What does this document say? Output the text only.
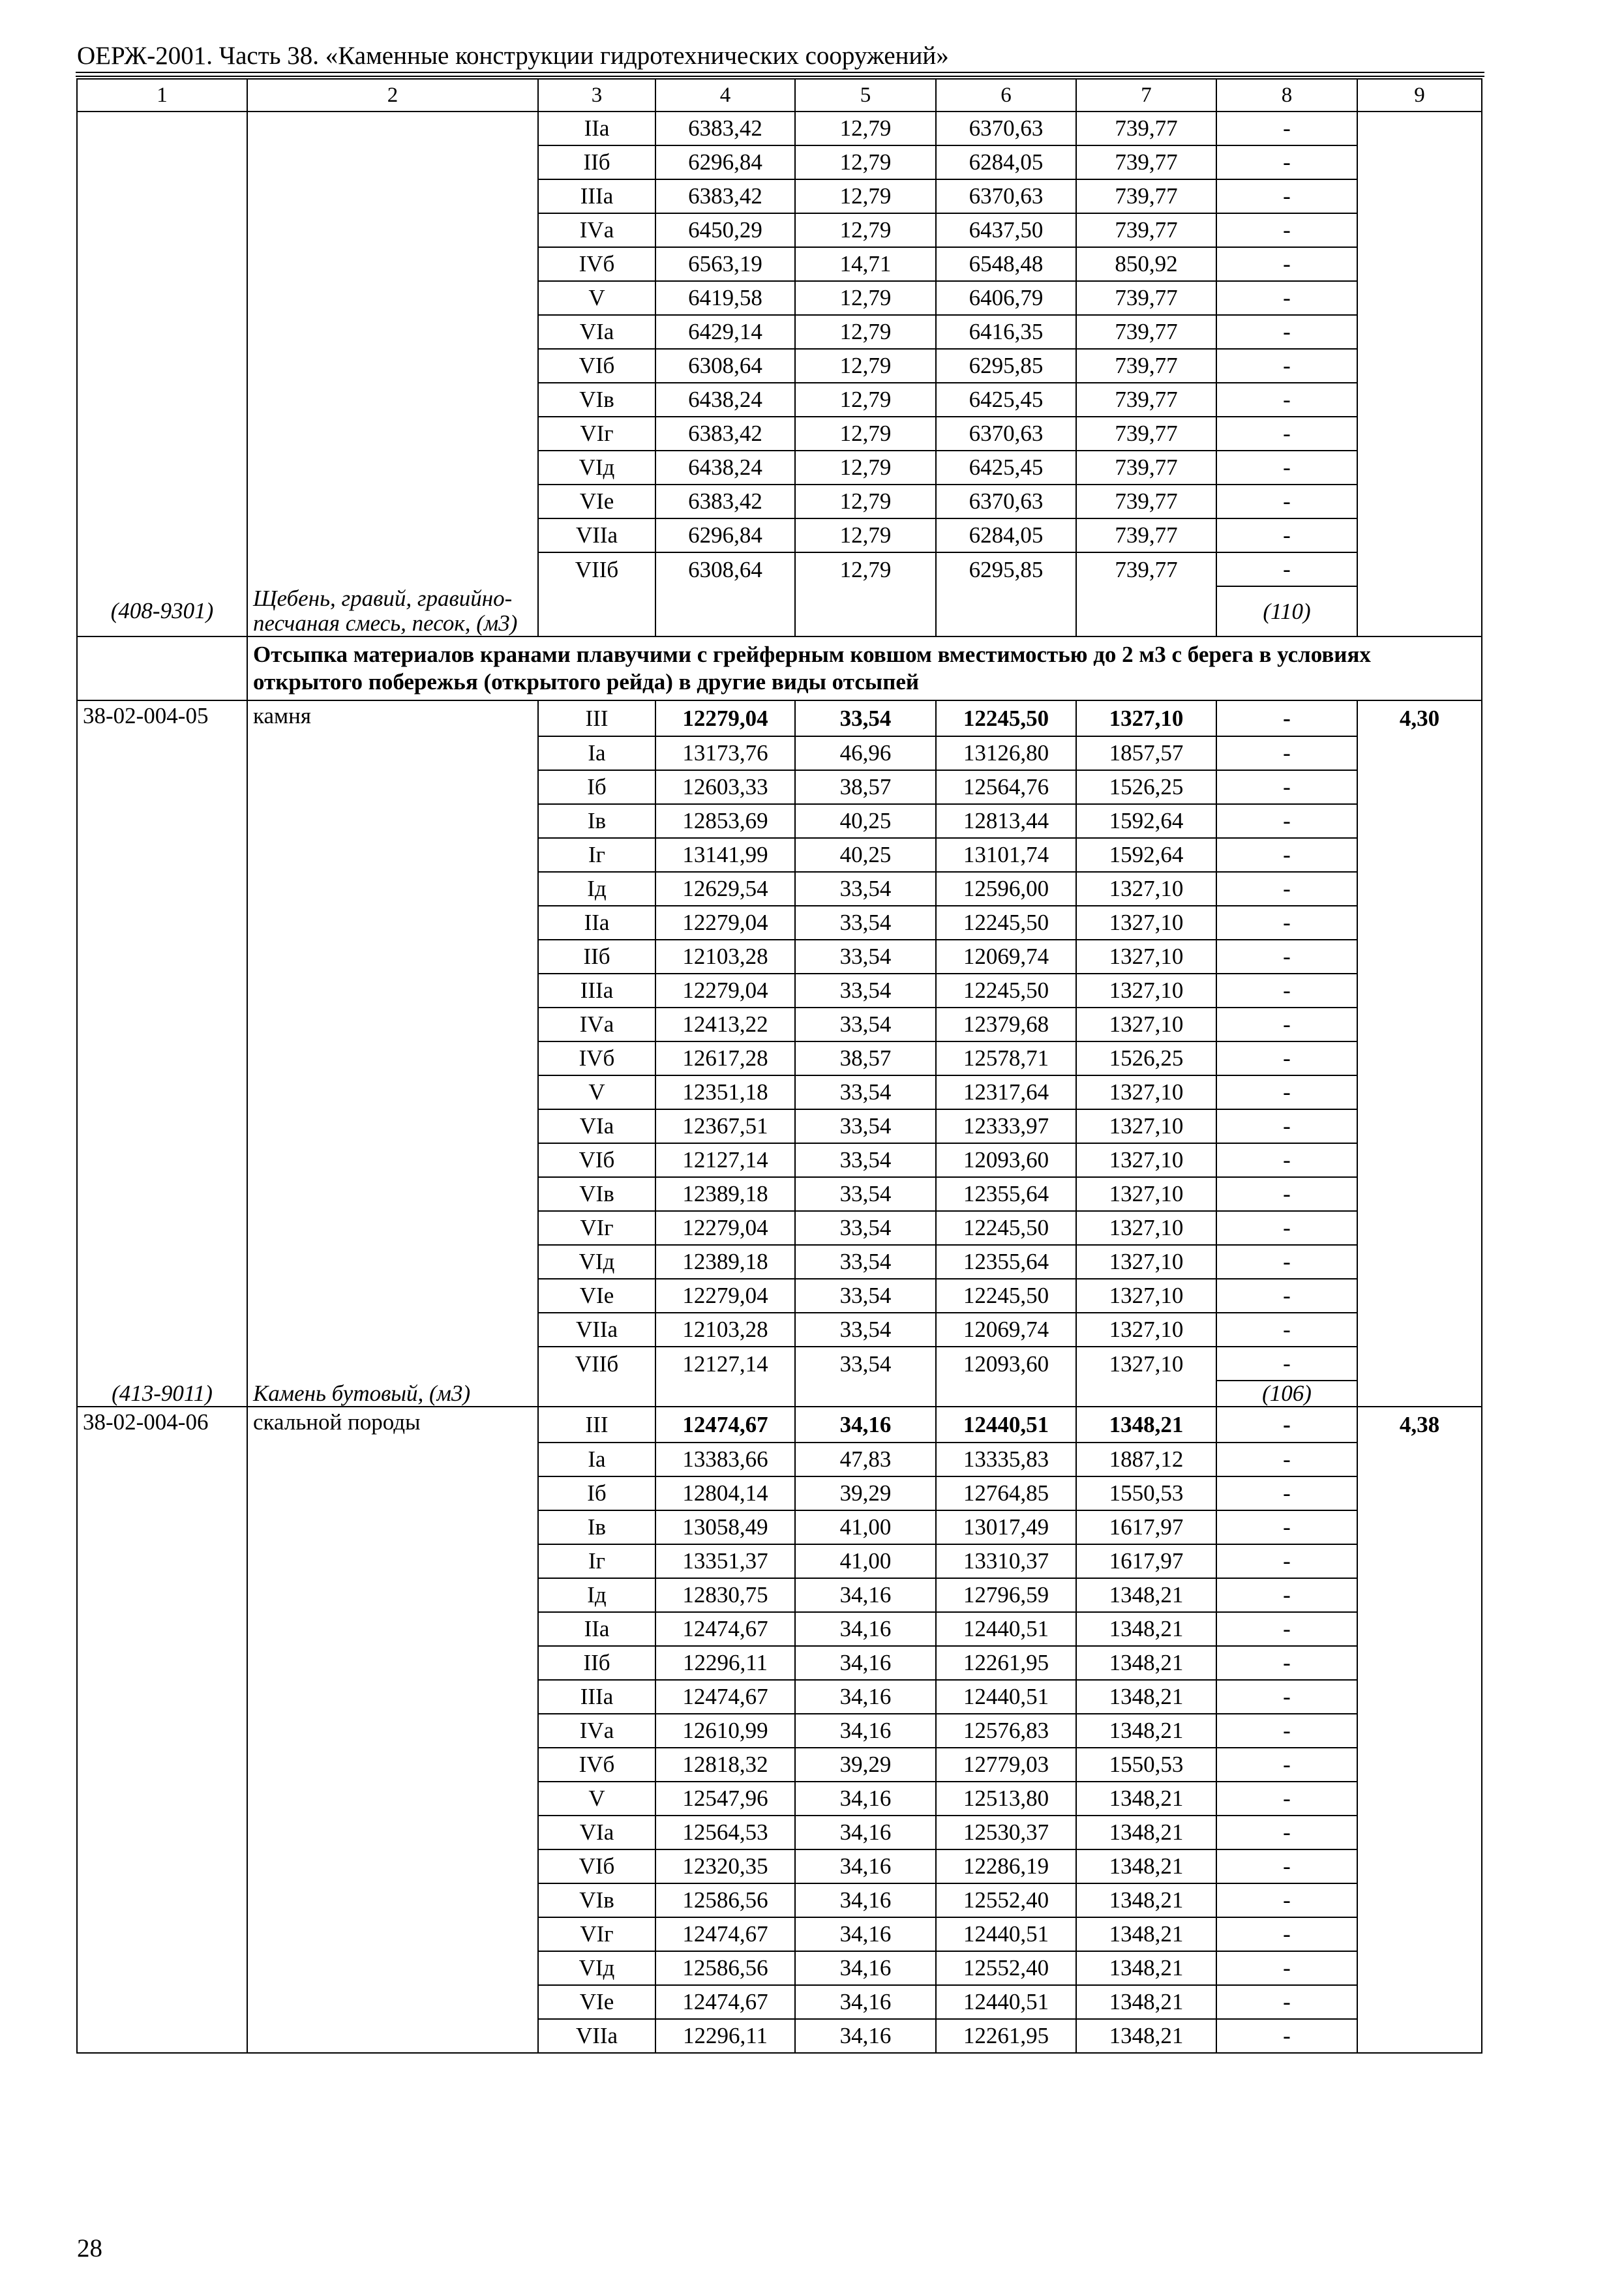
ОЕРЖ-2001. Часть 38. «Каменные конструкции гидротехнических сооружений»
1	2	3	4	5	6	7	8	9
		IIа	6383,42	12,79	6370,63	739,77	-	
		IIб	6296,84	12,79	6284,05	739,77	-	
		IIIа	6383,42	12,79	6370,63	739,77	-	
		IVа	6450,29	12,79	6437,50	739,77	-	
		IVб	6563,19	14,71	6548,48	850,92	-	
		V	6419,58	12,79	6406,79	739,77	-	
		VIа	6429,14	12,79	6416,35	739,77	-	
		VIб	6308,64	12,79	6295,85	739,77	-	
		VIв	6438,24	12,79	6425,45	739,77	-	
		VIг	6383,42	12,79	6370,63	739,77	-	
		VIд	6438,24	12,79	6425,45	739,77	-	
		VIе	6383,42	12,79	6370,63	739,77	-	
		VIIа	6296,84	12,79	6284,05	739,77	-	
		VIIб	6308,64	12,79	6295,85	739,77	-	
(408-9301)	Щебень, гравий, гравийно-песчаная смесь, песок, (м3)						(110)	
	Отсыпка материалов кранами плавучими с грейферным ковшом вместимостью до 2 м3 с берега в условиях открытого побережья (открытого рейда) в другие виды отсыпей							
38-02-004-05	камня	III	12279,04	33,54	12245,50	1327,10	-	4,30
		Iа	13173,76	46,96	13126,80	1857,57	-	
		Iб	12603,33	38,57	12564,76	1526,25	-	
		Iв	12853,69	40,25	12813,44	1592,64	-	
		Iг	13141,99	40,25	13101,74	1592,64	-	
		Iд	12629,54	33,54	12596,00	1327,10	-	
		IIа	12279,04	33,54	12245,50	1327,10	-	
		IIб	12103,28	33,54	12069,74	1327,10	-	
		IIIа	12279,04	33,54	12245,50	1327,10	-	
		IVа	12413,22	33,54	12379,68	1327,10	-	
		IVб	12617,28	38,57	12578,71	1526,25	-	
		V	12351,18	33,54	12317,64	1327,10	-	
		VIа	12367,51	33,54	12333,97	1327,10	-	
		VIб	12127,14	33,54	12093,60	1327,10	-	
		VIв	12389,18	33,54	12355,64	1327,10	-	
		VIг	12279,04	33,54	12245,50	1327,10	-	
		VIд	12389,18	33,54	12355,64	1327,10	-	
		VIе	12279,04	33,54	12245,50	1327,10	-	
		VIIа	12103,28	33,54	12069,74	1327,10	-	
		VIIб	12127,14	33,54	12093,60	1327,10	-	
(413-9011)	Камень бутовый, (м3)						(106)	
38-02-004-06	скальной породы	III	12474,67	34,16	12440,51	1348,21	-	4,38
		Iа	13383,66	47,83	13335,83	1887,12	-	
		Iб	12804,14	39,29	12764,85	1550,53	-	
		Iв	13058,49	41,00	13017,49	1617,97	-	
		Iг	13351,37	41,00	13310,37	1617,97	-	
		Iд	12830,75	34,16	12796,59	1348,21	-	
		IIа	12474,67	34,16	12440,51	1348,21	-	
		IIб	12296,11	34,16	12261,95	1348,21	-	
		IIIа	12474,67	34,16	12440,51	1348,21	-	
		IVа	12610,99	34,16	12576,83	1348,21	-	
		IVб	12818,32	39,29	12779,03	1550,53	-	
		V	12547,96	34,16	12513,80	1348,21	-	
		VIа	12564,53	34,16	12530,37	1348,21	-	
		VIб	12320,35	34,16	12286,19	1348,21	-	
		VIв	12586,56	34,16	12552,40	1348,21	-	
		VIг	12474,67	34,16	12440,51	1348,21	-	
		VIд	12586,56	34,16	12552,40	1348,21	-	
		VIе	12474,67	34,16	12440,51	1348,21	-	
		VIIа	12296,11	34,16	12261,95	1348,21	-	
28
